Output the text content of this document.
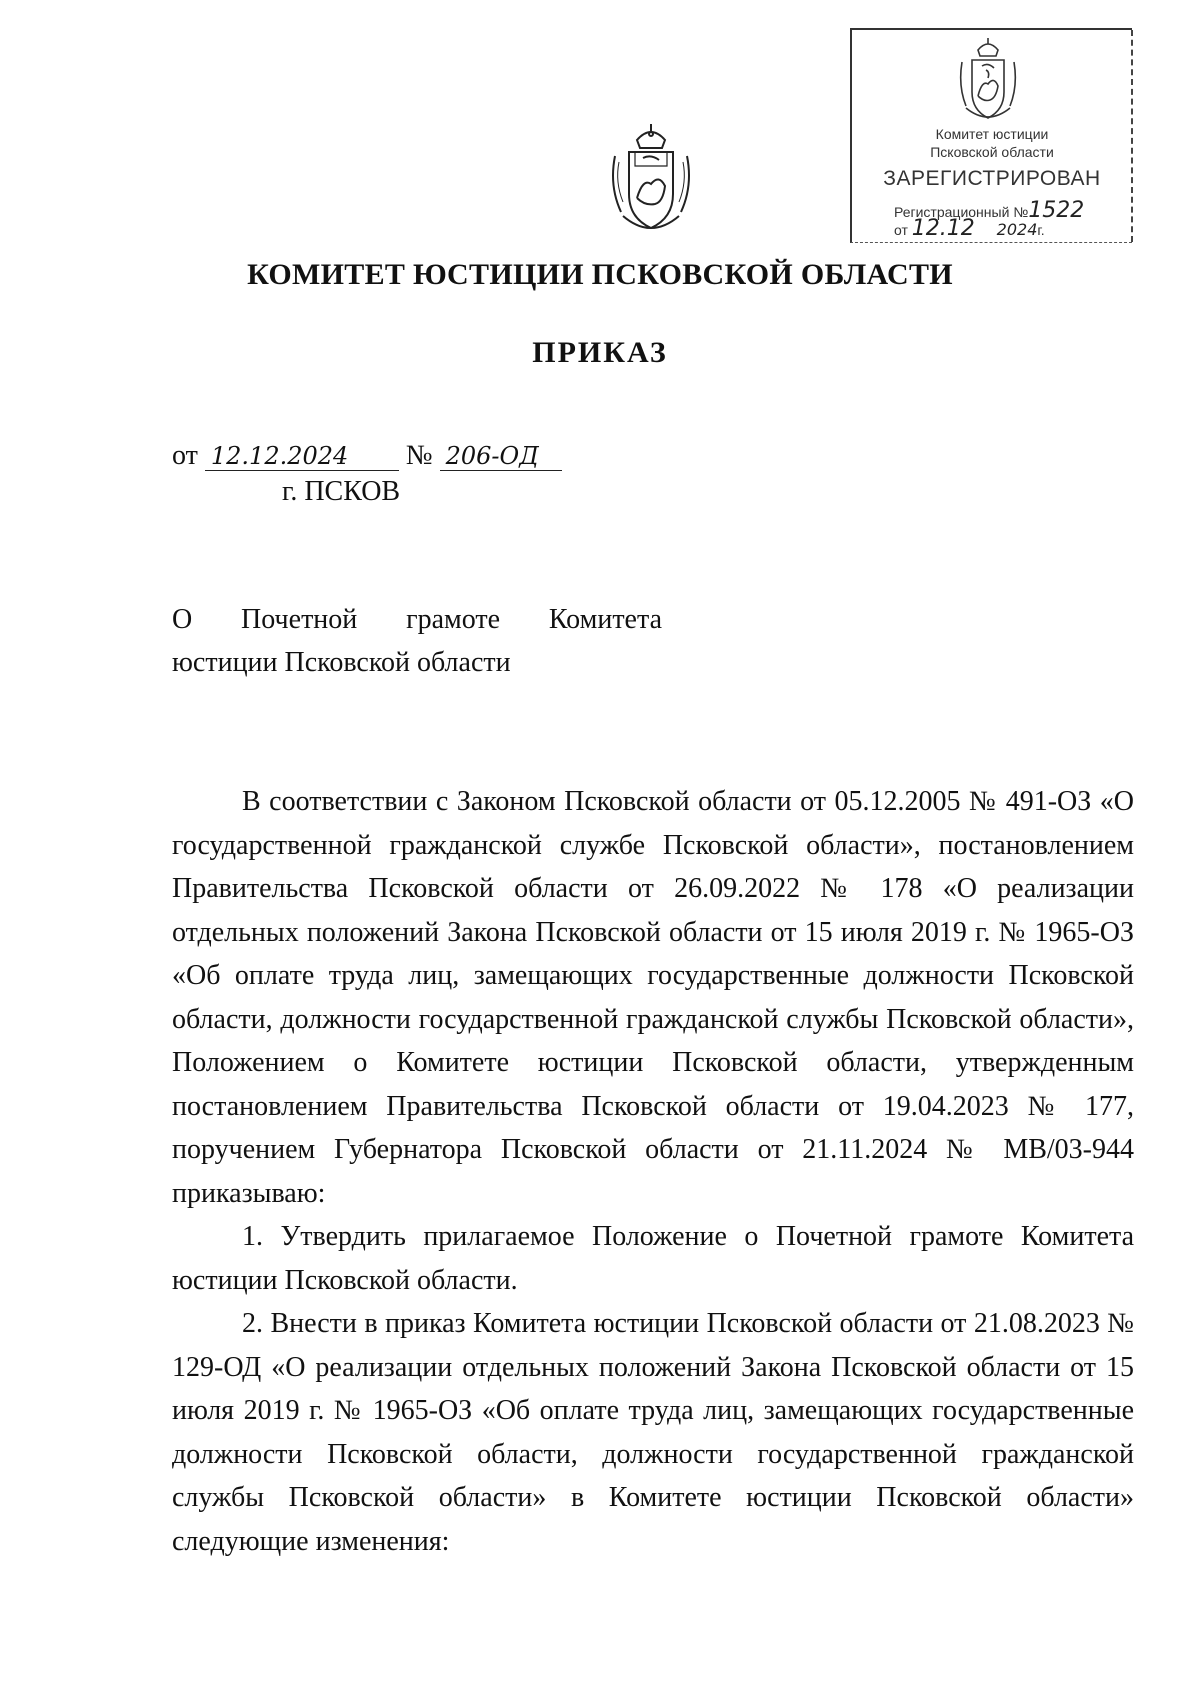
Комитет юстиции
Псковской области
ЗАРЕГИСТРИРОВАН
Регистрационный №1522
от 12.12 2024г.
КОМИТЕТ ЮСТИЦИИ ПСКОВСКОЙ ОБЛАСТИ
ПРИКАЗ
от 12.12.2024 № 206-ОД
г. ПСКОВ
О Почетной грамоте Комитета
юстиции Псковской области

В соответствии с Законом Псковской области от 05.12.2005 № 491-ОЗ «О государственной гражданской службе Псковской области», постановлением Правительства Псковской области от 26.09.2022 № 178 «О реализации отдельных положений Закона Псковской области от 15 июля 2019 г. № 1965-ОЗ «Об оплате труда лиц, замещающих государственные должности Псковской области, должности государственной гражданской службы Псковской области», Положением о Комитете юстиции Псковской области, утвержденным постановлением Правительства Псковской области от 19.04.2023 № 177, поручением Губернатора Псковской области от 21.11.2024 № МВ/03-944 приказываю:

1. Утвердить прилагаемое Положение о Почетной грамоте Комитета юстиции Псковской области.

2. Внести в приказ Комитета юстиции Псковской области от 21.08.2023 № 129-ОД «О реализации отдельных положений Закона Псковской области от 15 июля 2019 г. № 1965-ОЗ «Об оплате труда лиц, замещающих государственные должности Псковской области, должности государственной гражданской службы Псковской области» в Комитете юстиции Псковской области» следующие изменения:
